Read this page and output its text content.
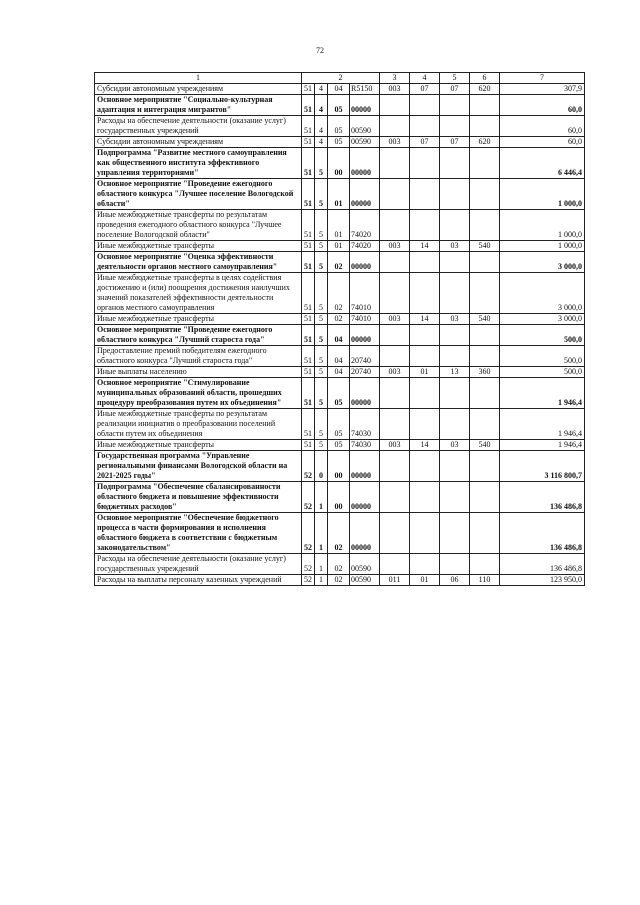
72
1	2				3	4	5	6	7
Субсидии автономным учреждениям	51	4	04	R5150	003	07	07	620	307,9
Основное мероприятие "Социально-культурная адаптация и интеграция мигрантов"	51	4	05	00000					60,0
Расходы на обеспечение деятельности (оказание услуг) государственных учреждений	51	4	05	00590					60,0
Субсидии автономным учреждениям	51	4	05	00590	003	07	07	620	60,0
Подпрограмма "Развитие местного самоуправления как общественного института эффективного управления территориями"	51	5	00	00000					6 446,4
Основное мероприятие "Проведение ежегодного областного конкурса "Лучшее поселение Вологодской области"	51	5	01	00000					1 000,0
Иные межбюджетные трансферты по результатам проведения ежегодного областного конкурса "Лучшее поселение Вологодской области"	51	5	01	74020					1 000,0
Иные межбюджетные трансферты	51	5	01	74020	003	14	03	540	1 000,0
Основное мероприятие "Оценка эффективности деятельности органов местного самоуправления"	51	5	02	00000					3 000,0
Иные межбюджетные трансферты в целях содействия достижению и (или) поощрения достижения наилучших значений показателей эффективности деятельности органов местного самоуправления	51	5	02	74010					3 000,0
Иные межбюджетные трансферты	51	5	02	74010	003	14	03	540	3 000,0
Основное мероприятие "Проведение ежегодного областного конкурса "Лучший староста года"	51	5	04	00000					500,0
Предоставление премий победителям ежегодного областного конкурса "Лучший староста года"	51	5	04	20740					500,0
Иные выплаты населению	51	5	04	20740	003	01	13	360	500,0
Основное мероприятие "Стимулирование муниципальных образований области, прошедших процедуру преобразования путем их объединения"	51	5	05	00000					1 946,4
Иные межбюджетные трансферты по результатам реализации инициатив о преобразовании поселений области путем их объединения	51	5	05	74030					1 946,4
Иные межбюджетные трансферты	51	5	05	74030	003	14	03	540	1 946,4
Государственная программа "Управление региональными финансами Вологодской области на 2021-2025 годы"	52	0	00	00000					3 116 800,7
Подпрограмма "Обеспечение сбалансированности областного бюджета и повышение эффективности бюджетных расходов"	52	1	00	00000					136 486,8
Основное мероприятие "Обеспечение бюджетного процесса в части формирования и исполнения областного бюджета в соответствии с бюджетным законодательством"	52	1	02	00000					136 486,8
Расходы на обеспечение деятельности (оказание услуг) государственных учреждений	52	1	02	00590					136 486,8
Расходы на выплаты персоналу казенных учреждений	52	1	02	00590	011	01	06	110	123 950,0
